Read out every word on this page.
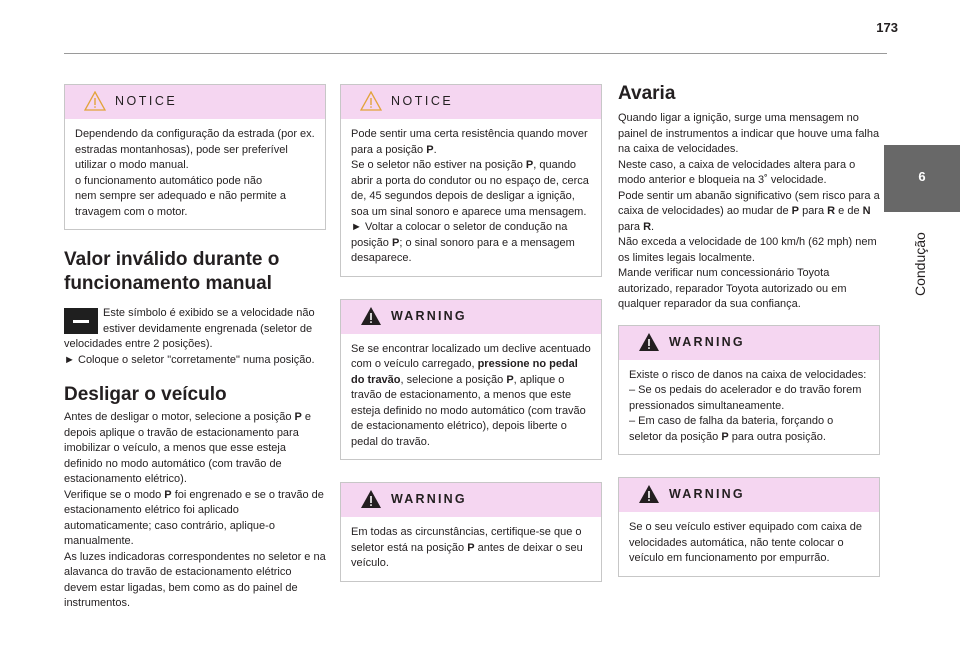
173
6
Condução
NOTICE
Dependendo da configuração da estrada (por ex. estradas montanhosas), pode ser preferível utilizar o modo manual.
o funcionamento automático pode não
nem sempre ser adequado e não permite a travagem com o motor.
Valor inválido durante o funcionamento manual
Este símbolo é exibido se a velocidade não estiver devidamente engrenada (seletor de velocidades entre 2 posições).
► Coloque o seletor "corretamente" numa posição.
Desligar o veículo
Antes de desligar o motor, selecione a posição P e depois aplique o travão de estacionamento para imobilizar o veículo, a menos que esse esteja definido no modo automático (com travão de estacionamento elétrico).
Verifique se o modo P foi engrenado e se o travão de estacionamento elétrico foi aplicado automaticamente; caso contrário, aplique-o manualmente.
As luzes indicadoras correspondentes no seletor e na alavanca do travão de estacionamento elétrico devem estar ligadas, bem como as do painel de instrumentos.
NOTICE
Pode sentir uma certa resistência quando mover para a posição P.
Se o seletor não estiver na posição P, quando abrir a porta do condutor ou no espaço de, cerca de, 45 segundos depois de desligar a ignição, soa um sinal sonoro e aparece uma mensagem.
► Voltar a colocar o seletor de condução na posição P; o sinal sonoro para e a mensagem desaparece.
WARNING
Se se encontrar localizado um declive acentuado com o veículo carregado, pressione no pedal do travão, selecione a posição P, aplique o travão de estacionamento, a menos que este esteja definido no modo automático (com travão de estacionamento elétrico), depois liberte o pedal do travão.
WARNING
Em todas as circunstâncias, certifique-se que o seletor está na posição P antes de deixar o seu veículo.
Avaria
Quando ligar a ignição, surge uma mensagem no painel de instrumentos a indicar que houve uma falha na caixa de velocidades.
Neste caso, a caixa de velocidades altera para o modo anterior e bloqueia na 3˚ velocidade.
Pode sentir um abanão significativo (sem risco para a caixa de velocidades) ao mudar de P para R e de N para R.
Não exceda a velocidade de 100 km/h (62 mph) nem os limites legais localmente.
Mande verificar num concessionário Toyota autorizado, reparador Toyota autorizado ou em qualquer reparador da sua confiança.
WARNING
Existe o risco de danos na caixa de velocidades:
– Se os pedais do acelerador e do travão forem pressionados simultaneamente.
– Em caso de falha da bateria, forçando o seletor da posição P para outra posição.
WARNING
Se o seu veículo estiver equipado com caixa de velocidades automática, não tente colocar o veículo em funcionamento por empurrão.
